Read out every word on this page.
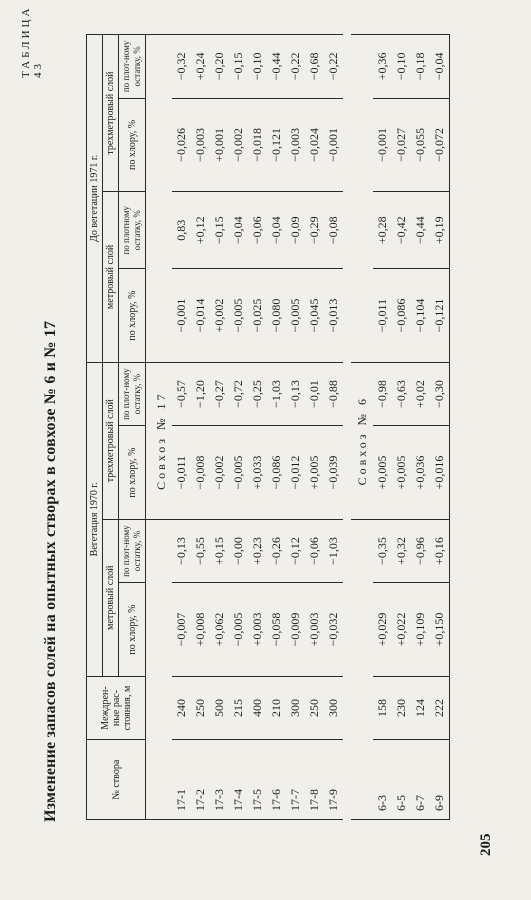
ТАБЛИЦА 43
Изменение запасов солей на опытных створах в совхозе № 6 и № 17	№ створа	Междрен-ные рас-стояния, м	Вегетация 1970 г.				До вегетации 1971 г.			
		метровый слой		трехметровый слой		метровый слой		трехметровый слой	
		по хлору, %	по плот-ному остатку, %	по хлору, %	по плот-ному остатку, %	по хлору, %	по плотному остатку, %	по хлору, %	по плот-ному остатку, %
				Совхоз № 17					
17-1	240	−0,007	−0,13	−0,011	−0,57	−0,001	0,83	−0,026	−0,32
17-2	250	+0,008	−0,55	−0,008	−1,20	−0,014	+0,12	−0,003	+0,24
17-3	500	+0,062	+0,15	−0,002	−0,27	+0,002	−0,15	+0,001	−0,20
17-4	215	−0,005	−0,00	−0,005	−0,72	−0,005	−0,04	−0,002	−0,15
17-5	400	+0,003	+0,23	+0,033	−0,25	−0,025	−0,06	−0,018	−0,10
17-6	210	−0,058	−0,26	−0,086	−1,03	−0,080	−0,04	−0,121	−0,44
17-7	300	−0,009	−0,12	−0,012	−0,13	−0,005	−0,09	−0,003	−0,22
17-8	250	+0,003	−0,06	+0,005	−0,01	−0,045	−0,29	−0,024	−0,68
17-9	300	−0,032	−1,03	−0,039	−0,88	−0,013	−0,08	−0,001	−0,22

				Совхоз № 6					
6-3	158	+0,029	−0,35	+0,005	−0,98	−0,011	+0,28	−0,001	+0,36
6-5	230	+0,022	+0,32	+0,005	−0,63	−0,086	−0,42	−0,027	−0,10
6-7	124	+0,109	−0,96	+0,036	+0,02	−0,104	−0,44	−0,055	−0,18
6-9	222	+0,150	+0,16	+0,016	−0,30	−0,121	+0,19	−0,072	−0,04
205
